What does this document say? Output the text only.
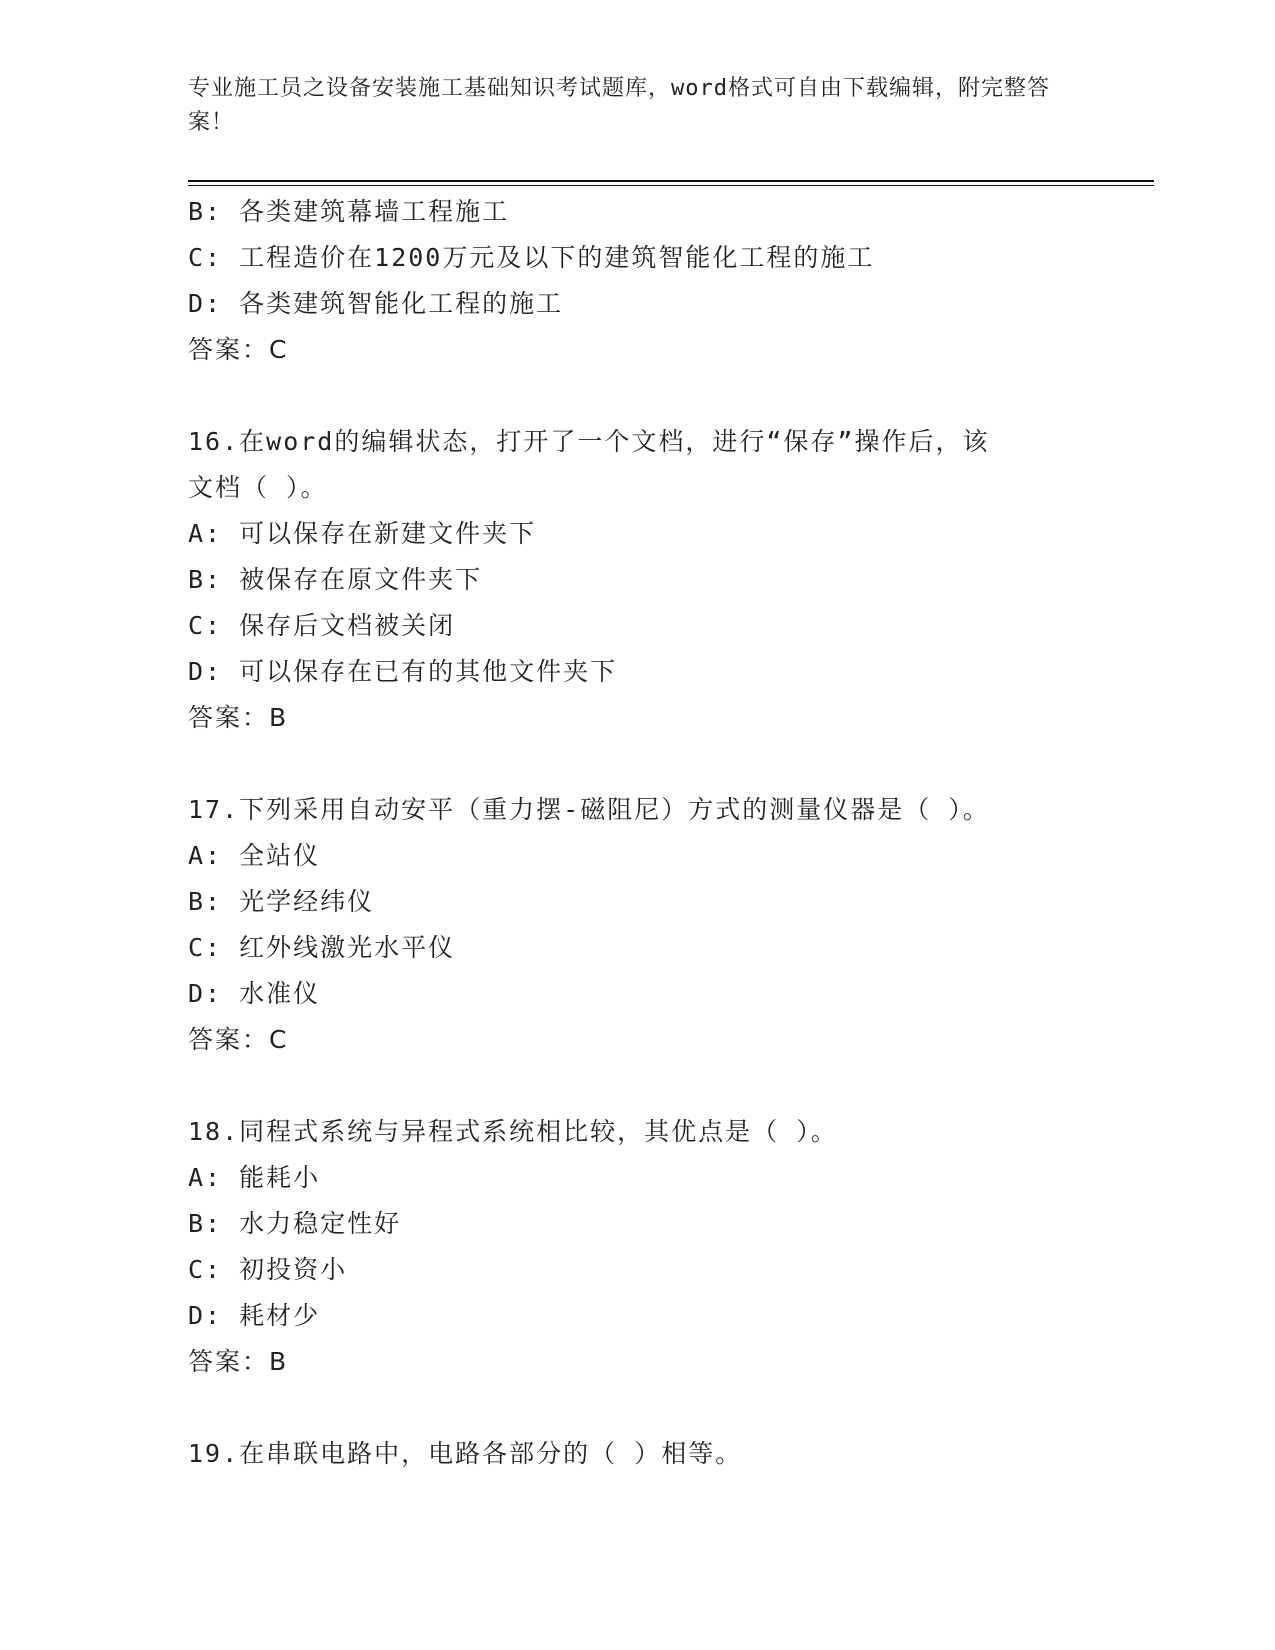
专业施工员之设备安装施工基础知识考试题库，word格式可自由下载编辑，附完整答案！
B: 各类建筑幕墙工程施工
C: 工程造价在1200万元及以下的建筑智能化工程的施工
D: 各类建筑智能化工程的施工
答案：C
16.在word的编辑状态，打开了一个文档，进行“保存”操作后，该
文档（ ）。
A: 可以保存在新建文件夹下
B: 被保存在原文件夹下
C: 保存后文档被关闭
D: 可以保存在已有的其他文件夹下
答案：B
17.下列采用自动安平（重力摆-磁阻尼）方式的测量仪器是（ ）。
A: 全站仪
B: 光学经纬仪
C: 红外线激光水平仪
D: 水准仪
答案：C
18.同程式系统与异程式系统相比较，其优点是（ ）。
A: 能耗小
B: 水力稳定性好
C: 初投资小
D: 耗材少
答案：B
19.在串联电路中，电路各部分的（ ）相等。
